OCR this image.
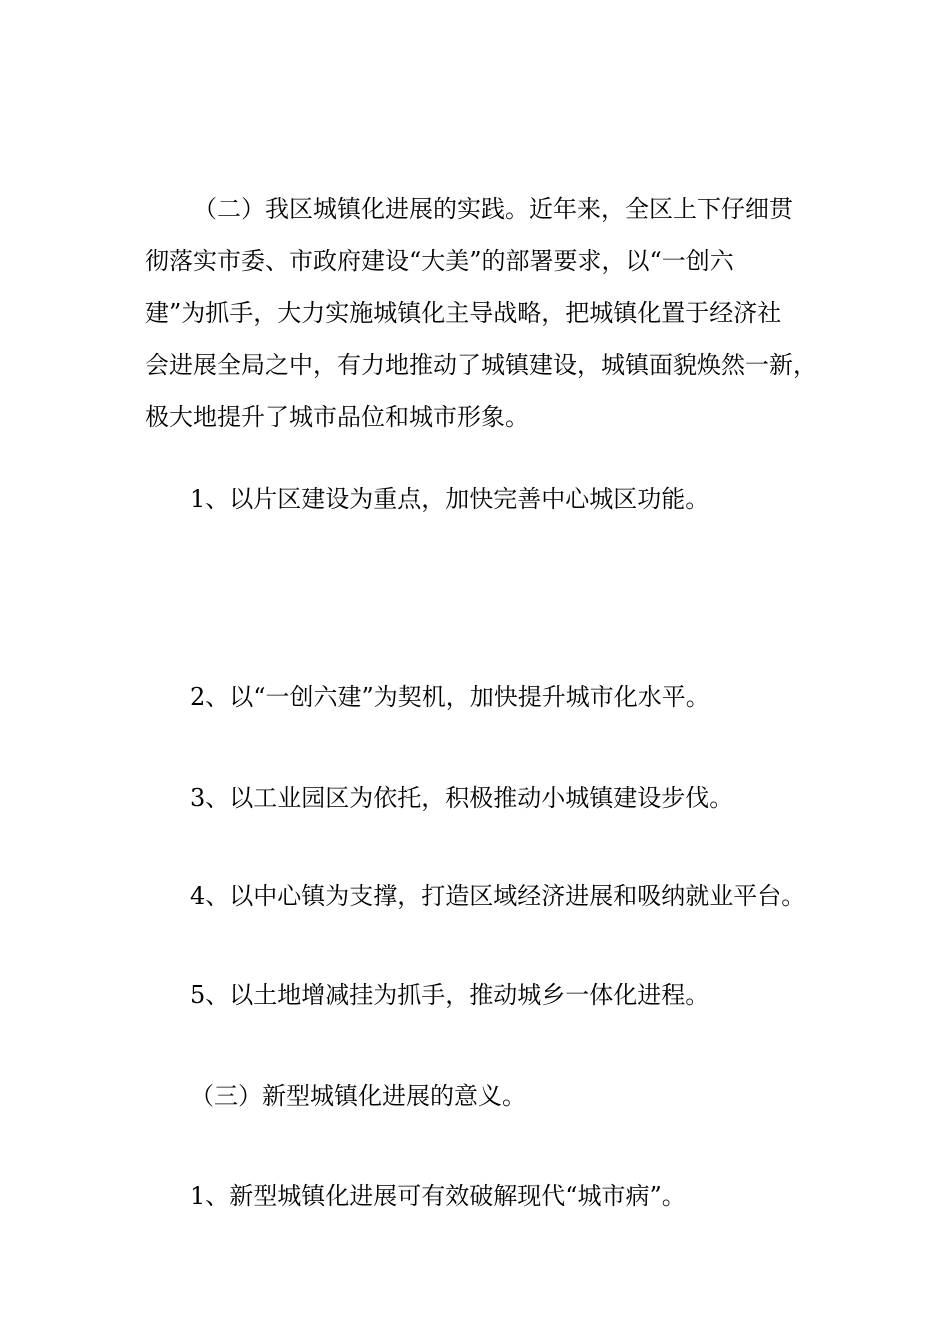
（二）我区城镇化进展的实践。近年来，全区上下仔细贯

彻落实市委、市政府建设“大美”的部署要求，以“一创六

建”为抓手，大力实施城镇化主导战略，把城镇化置于经济社

会进展全局之中，有力地推动了城镇建设，城镇面貌焕然一新，

极大地提升了城市品位和城市形象。

1、以片区建设为重点，加快完善中心城区功能。

2、以“一创六建”为契机，加快提升城市化水平。

3、以工业园区为依托，积极推动小城镇建设步伐。

4、以中心镇为支撑，打造区域经济进展和吸纳就业平台。

5、以土地增减挂为抓手，推动城乡一体化进程。

（三）新型城镇化进展的意义。

1、新型城镇化进展可有效破解现代“城市病”。
